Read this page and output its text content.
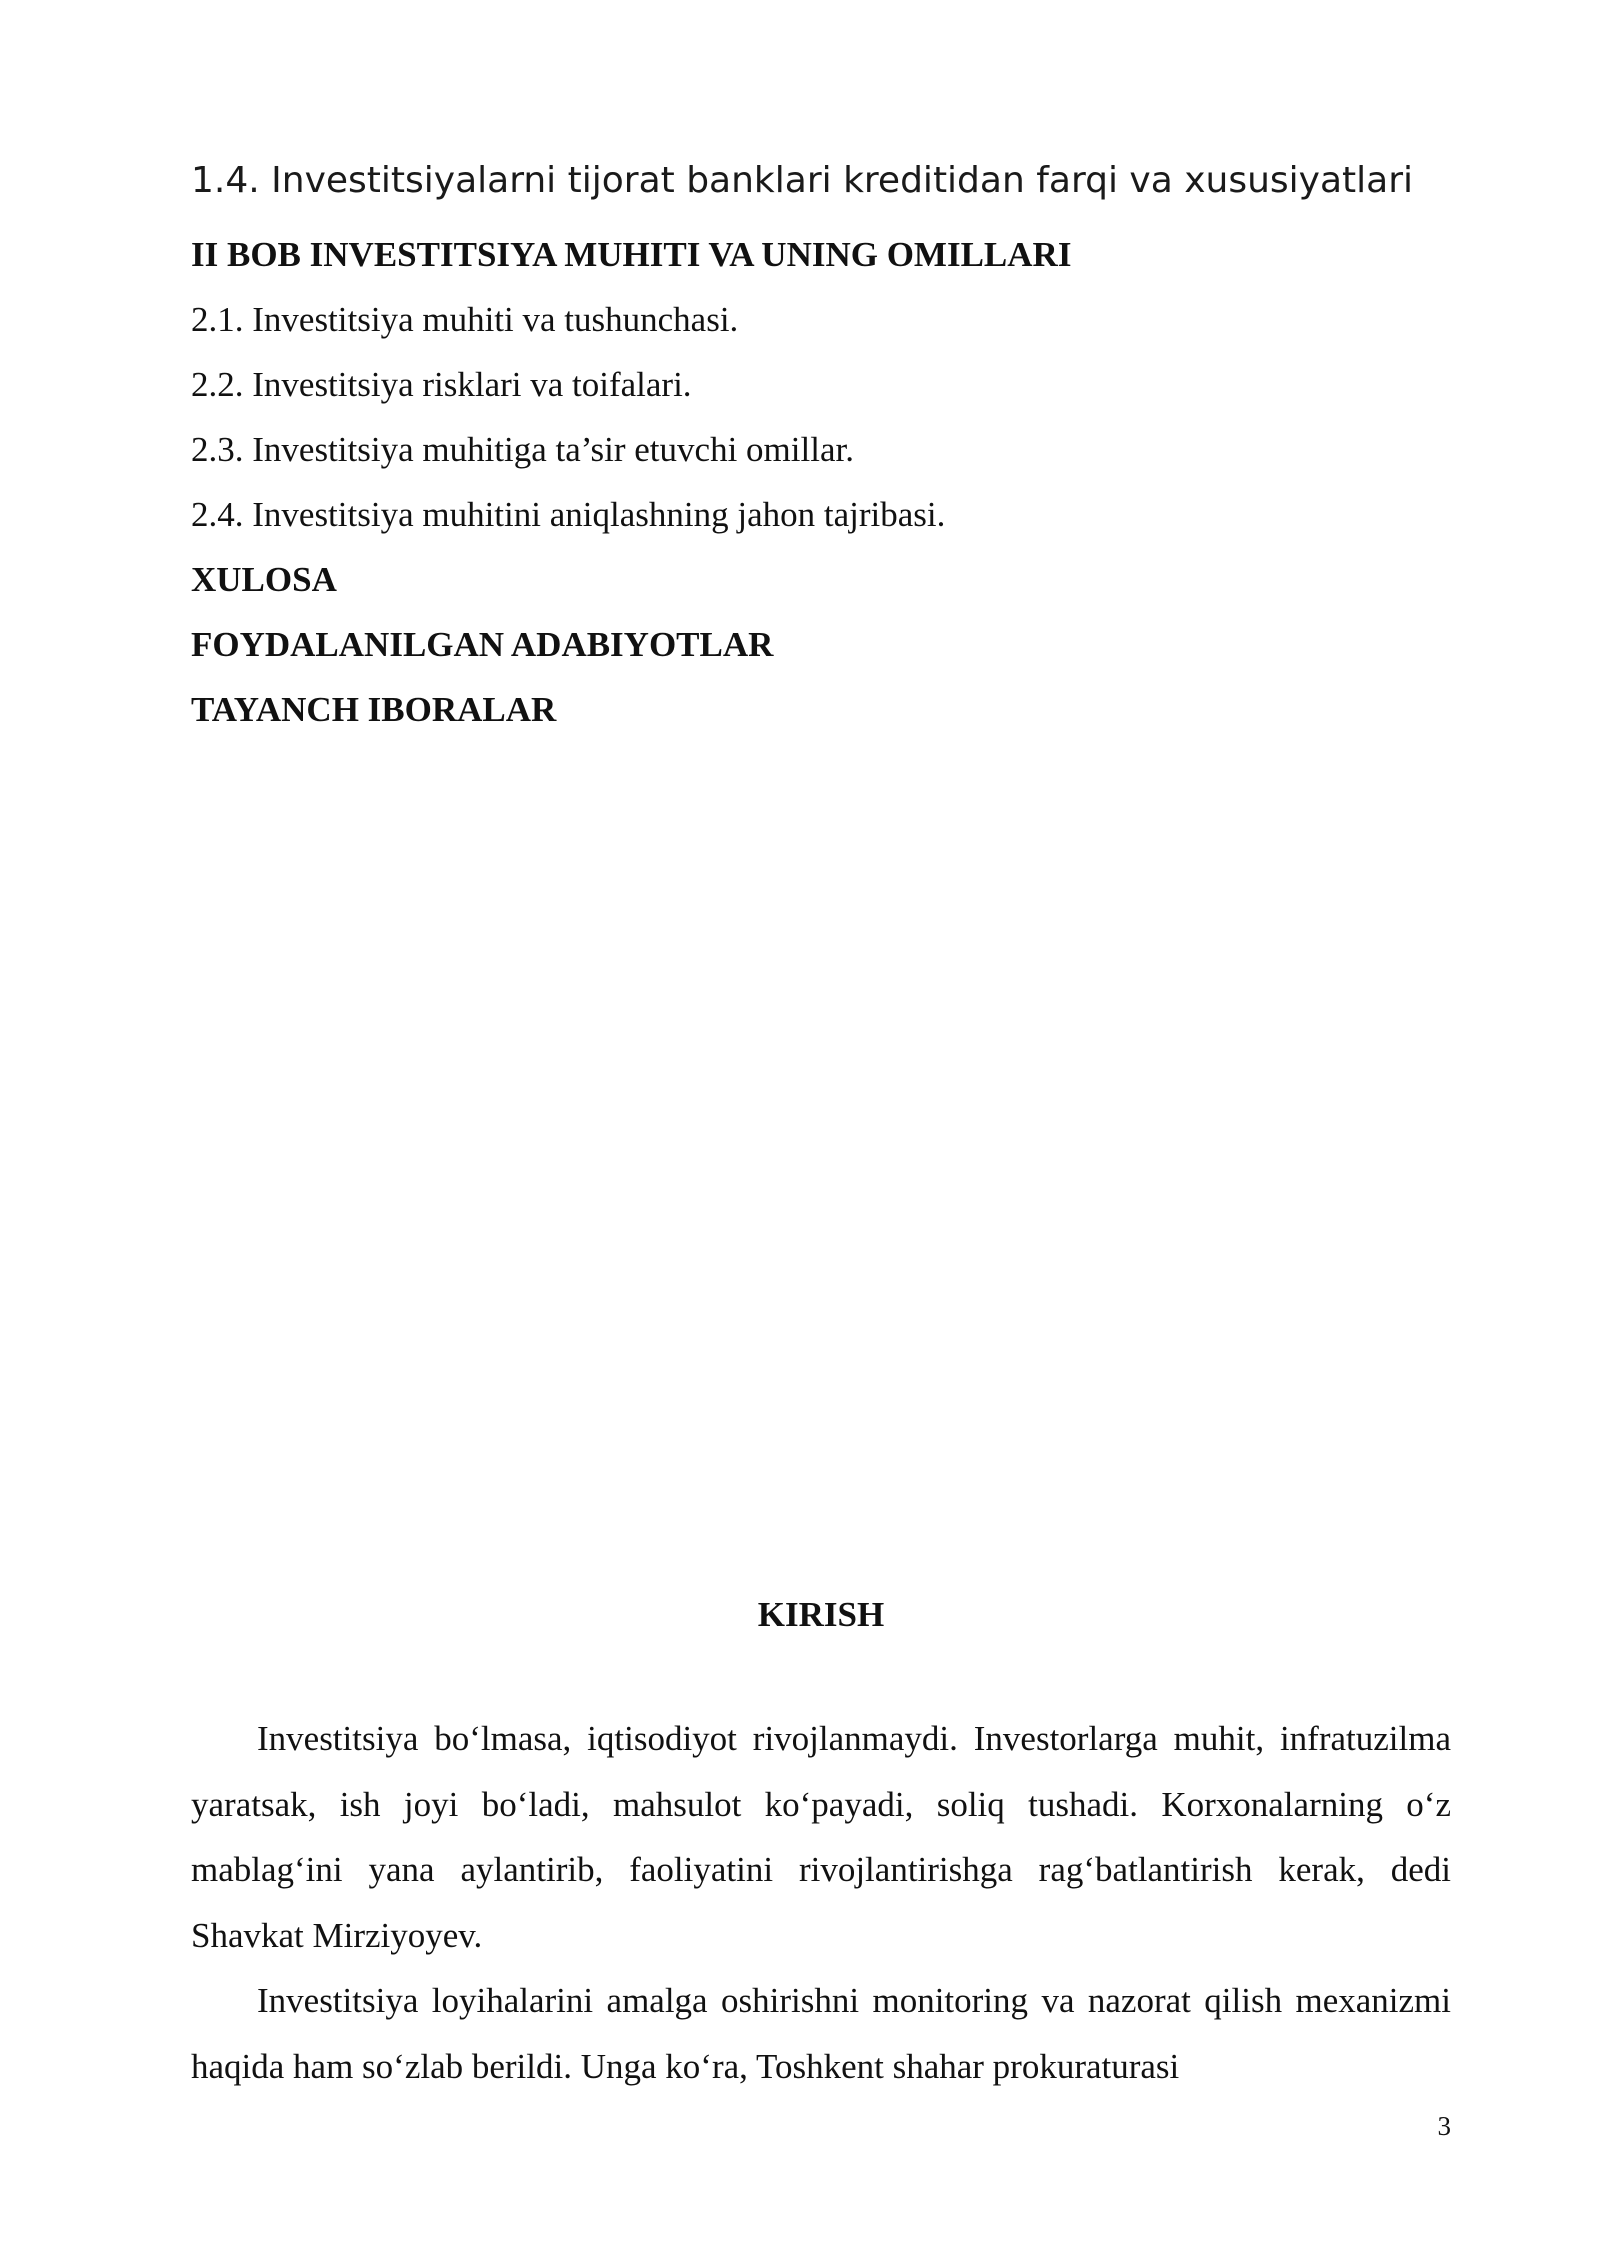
1.4. Investitsiyalarni tijorat banklari kreditidan farqi va xususiyatlari
II BOB INVESTITSIYA MUHITI VA UNING OMILLARI
2.1. Investitsiya muhiti va tushunchasi.
2.2. Investitsiya risklari va toifalari.
2.3. Investitsiya muhitiga ta’sir etuvchi omillar.
2.4. Investitsiya muhitini aniqlashning jahon tajribasi.
XULOSA
FOYDALANILGAN ADABIYOTLAR
TAYANCH IBORALAR
KIRISH

Investitsiya bo‘lmasa, iqtisodiyot rivojlanmaydi. Investorlarga muhit, infratuzilma yaratsak, ish joyi bo‘ladi, mahsulot ko‘payadi, soliq tushadi. Korxonalarning o‘z mablag‘ini yana aylantirib, faoliyatini rivojlantirishga rag‘batlantirish kerak, dedi Shavkat Mirziyoyev.

Investitsiya loyihalarini amalga oshirishni monitoring va nazorat qilish mexanizmi haqida ham so‘zlab berildi. Unga ko‘ra, Toshkent shahar prokuraturasi

3
